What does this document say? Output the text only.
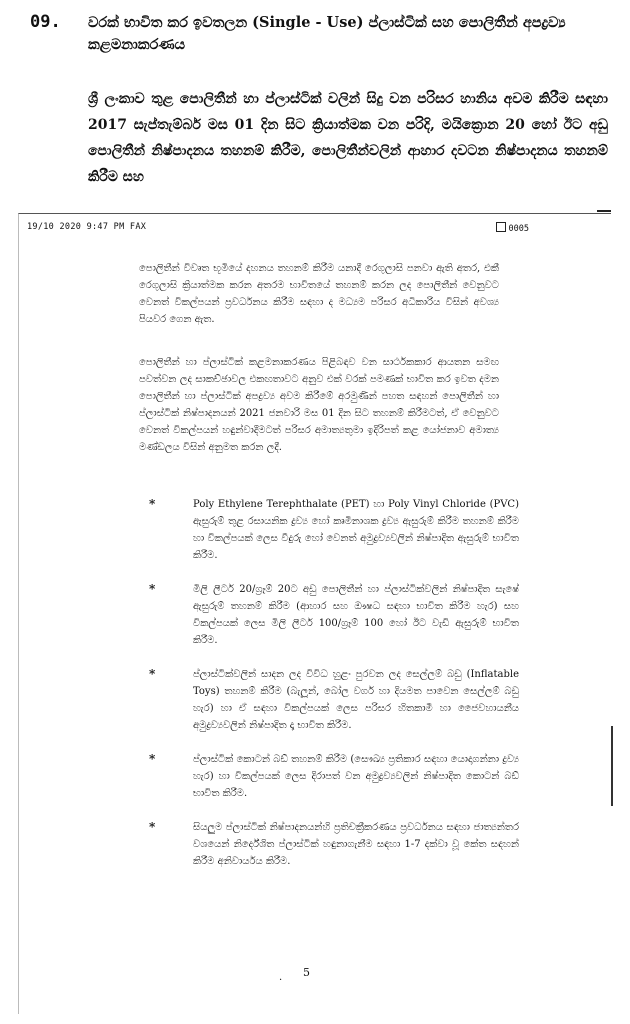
09. වරක් භාවිත කර ඉවතලන (Single - Use) ප්ලාස්ටික් සහ පොලිතීන් අපද්‍රව්‍ය කළමනාකරණය
ශ්‍රී ලංකාව තුළ පොලිතීන් හා ප්ලාස්ටික් වලින් සිදු වන පරිසර හානිය අවම කිරීම සඳහා 2017 සැප්තැම්බර් මස 01 දින සිට ක්‍රියාත්මක වන පරිදි, මයික්‍රොන 20 හෝ ඊට අඩු පොලිතීන් නිෂ්පාදනය තහනම් කිරීම, පොලිතීන්වලින් ආහාර දවටන නිෂ්පාදනය තහනම් කිරීම සහ
19/10 2020 9:47 PM FAX	0005
පොලිතීන් විවෘත භූමියේ දහනය තහනම් කිරීම යනාදී රෙගුලාසි පනවා ඇති අතර, එකී රෙගුලාසි ක්‍රියාත්මක කරන අතරම භාවිතයේ තහනම් කරන ලද පොලිතීන් වෙනුවට වෙනත් විකල්පයන් ප්‍රවර්ධනය කිරීම සඳහා ද මධ්‍යම පරිසර අධිකාරිය විසින් අවශ්‍ය පියවර ගෙන ඇත.
පොලිතීන් හා ප්ලාස්ටික් කළමනාකරණය පිළිබඳව වන සාර්ථකකාර ආයතන සමඟ පවත්වන ලද සාකච්ඡාවල එකඟතාවට අනුව එක් වරක් පමණක් භාවිත කර ඉවත දමන පොලිතීන් හා ප්ලාස්ටික් අපද්‍රව්‍ය අවම කිරීමේ අරමුණින් පහත සඳහන් පොලිතීන් හා ප්ලාස්ටික් නිෂ්පාදනයන් 2021 ජනවාරි මස 01 දින සිට තහනම් කිරීමටත්, ඒ වෙනුවට වෙනත් විකල්පයන් හඳුන්වාදීමටත් පරිසර අමාත්‍යතුමා ඉදිරිපත් කළ යෝජනාව අමාත්‍ය මණ්ඩලය විසින් අනුමත කරන ලදී.
*	Poly Ethylene Terephthalate (PET) හා Poly Vinyl Chloride (PVC) ඇසුරුම් තුළ රසායනික ද්‍රව්‍ය හෝ කෘමිනාශක ද්‍රව්‍ය ඇසුරුම් කිරීම තහනම් කිරීම හා විකල්පයක් ලෙස වීදුරු හෝ වෙනත් අමුද්‍රව්‍යවලින් නිෂ්පාදිත ඇසුරුම් භාවිත කිරීම.
*	මිලි ලීටර් 20/ග්‍රෑම් 20ට අඩු පොලිතීන් හා ප්ලාස්ටික්වලින් නිෂ්පාදිත සැෂේ ඇසුරුම් තහනම් කිරීම (ආහාර සහ ඖෂධ සඳහා භාවිත කිරීම හැර) සහ විකල්පයක් ලෙස මිලි ලීටර් 100/ග්‍රෑම් 100 හෝ ඊට වැඩි ඇසුරුම් භාවිත කිරීම.
*	ප්ලාස්ටික්වලින් සාදන ලද විවිධ හුළං පුරවන ලද සෙල්ලම් බඩු (Inflatable Toys) තහනම් කිරීම (බැලූන්, බෝල වර්ග හා දියමත පාවෙන සෙල්ලම් බඩු හැර) හා ඒ සඳහා විකල්පයක් ලෙස පරිසර හිතකාමී හා ජෛවහායනීය අමුද්‍රව්‍යවලින් නිෂ්පාදිත දෑ භාවිත කිරීම.
*	ප්ලාස්ටික් කොටන් බඩ් තහනම් කිරීම (සෞඛ්‍ය ප්‍රතිකාර සඳහා යොදාගන්නා ද්‍රව්‍ය හැර) හා විකල්පයක් ලෙස දිරාපත් වන අමුද්‍රව්‍යවලින් නිෂ්පාදිත කොටන් බඩ් භාවිත කිරීම.
*	සියලුම ප්ලාස්ටික් නිෂ්පාදනයන්හි ප්‍රතිචක්‍රීකරණය ප්‍රවර්ධනය සඳහා ජාත්‍යන්තර වශයෙන් නිර්දේශිත ප්ලාස්ටික් හඳුනාගැනීම සඳහා 1-7 දක්වා වූ කේත සඳහන් කිරීම අනිවාර්යය කිරීම.
. 5
